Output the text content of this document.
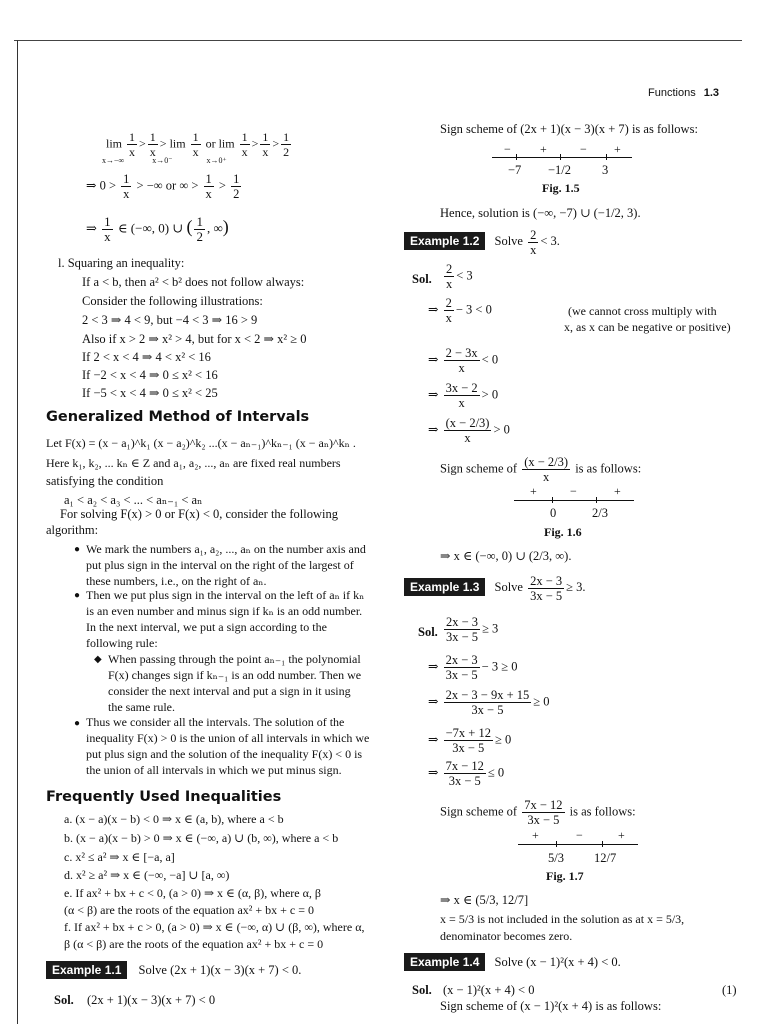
Functions 1.3
$\lim \frac{1}{x} > \frac{1}{x} > \lim \frac{1}{x}$ or $\lim \frac{1}{x} > \frac{1}{x} > \frac{1}{2}$
x→−∞	x→0⁻	x→0⁺
⇒ $0 > \frac{1}{x}$ > −∞ or ∞ > $\frac{1}{x} > \frac{1}{2}$
⇒ $\frac{1}{x}$ ∈ (−∞, 0) ∪ ( $\frac{1}{2}$ , ∞)
l. Squaring an inequality:
If a < b, then a² < b² does not follow always:
Consider the following illustrations:
2 < 3 ⇒ 4 < 9, but −4 < 3 ⇒ 16 > 9
Also if x > 2 ⇒ x² > 4, but for x < 2 ⇒ x² ≥ 0
If 2 < x < 4 ⇒ 4 < x² < 16
If −2 < x < 4 ⇒ 0 ≤ x² < 16
If −5 < x < 4 ⇒ 0 ≤ x² < 25
Generalized Method of Intervals
Let F(x) = (x − a₁)^k₁ (x − a₂)^k₂ ...(x − aₙ₋₁)^kₙ₋₁ (x − aₙ)^kₙ .
Here k₁, k₂, ... kₙ ∈ Z and a₁, a₂, ..., aₙ are fixed real numbers
satisfying the condition
a₁ < a₂ < a₃ < ... < aₙ₋₁ < aₙ
For solving F(x) > 0 or F(x) < 0, consider the following
algorithm:
● We mark the numbers a₁, a₂, ..., aₙ on the number axis and
put plus sign in the interval on the right of the largest of
these numbers, i.e., on the right of aₙ.
● Then we put plus sign in the interval on the left of aₙ if kₙ
is an even number and minus sign if kₙ is an odd number.
In the next interval, we put a sign according to the
following rule:
◆ When passing through the point aₙ₋₁ the polynomial
F(x) changes sign if kₙ₋₁ is an odd number. Then we
consider the next interval and put a sign in it using
the same rule.
● Thus we consider all the intervals. The solution of the
inequality F(x) > 0 is the union of all intervals in which we
put plus sign and the solution of the inequality F(x) < 0 is
the union of all intervals in which we put minus sign.
Frequently Used Inequalities
a. (x − a)(x − b) < 0 ⇒ x ∈ (a, b), where a < b
b. (x − a)(x − b) > 0 ⇒ x ∈ (−∞, a) ∪ (b, ∞), where a < b
c. x² ≤ a² ⇒ x ∈ [−a, a]
d. x² ≥ a² ⇒ x ∈ (−∞, −a] ∪ [a, ∞)
e. If ax² + bx + c < 0, (a > 0) ⇒ x ∈ (α, β), where α, β
(α < β) are the roots of the equation ax² + bx + c = 0
f. If ax² + bx + c > 0, (a > 0) ⇒ x ∈ (−∞, α) ∪ (β, ∞), where α,
β (α < β) are the roots of the equation ax² + bx + c = 0
Example 1.1 Solve (2x + 1)(x − 3)(x + 7) < 0.
Sol. (2x + 1)(x − 3)(x + 7) < 0
Sign scheme of (2x + 1)(x − 3)(x + 7) is as follows:
− +	− +
−7 −1/2 3
Fig. 1.5
Hence, solution is (−∞, −7) ∪ (−1/2, 3).
Example 1.2 Solve $\frac{2}{x} < 3$.
Sol. $\frac{2}{x} < 3$
⇒ $\frac{2}{x} - 3 < 0$	(we cannot cross multiply with
x, as x can be negative or positive)
⇒ $\frac{2 - 3x}{x} < 0$
⇒ $\frac{3x - 2}{x} > 0$
⇒ $\frac{(x - 2/3)}{x} > 0$
Sign scheme of $\frac{(x - 2/3)}{x}$ is as follows:
+	−	+
0	2/3
Fig. 1.6
⇒ x ∈ (−∞, 0) ∪ (2/3, ∞).
Example 1.3 Solve $\frac{2x - 3}{3x - 5} \ge 3$.
Sol. $\frac{2x - 3}{3x - 5} \ge 3$
⇒ $\frac{2x - 3}{3x - 5} - 3 \ge 0$
⇒ $\frac{2x - 3 - 9x + 15}{3x - 5} \ge 0$
⇒ $\frac{-7x + 12}{3x - 5} \ge 0$
⇒ $\frac{7x - 12}{3x - 5} \le 0$
Sign scheme of $\frac{7x - 12}{3x - 5}$ is as follows:
+	−	+
5/3 12/7
Fig. 1.7
⇒ x ∈ (5/3, 12/7]
x = 5/3 is not included in the solution as at x = 5/3,
denominator becomes zero.
Example 1.4 Solve (x − 1)²(x + 4) < 0.
Sol. (x − 1)²(x + 4) < 0	(1)
Sign scheme of (x − 1)²(x + 4) is as follows:
